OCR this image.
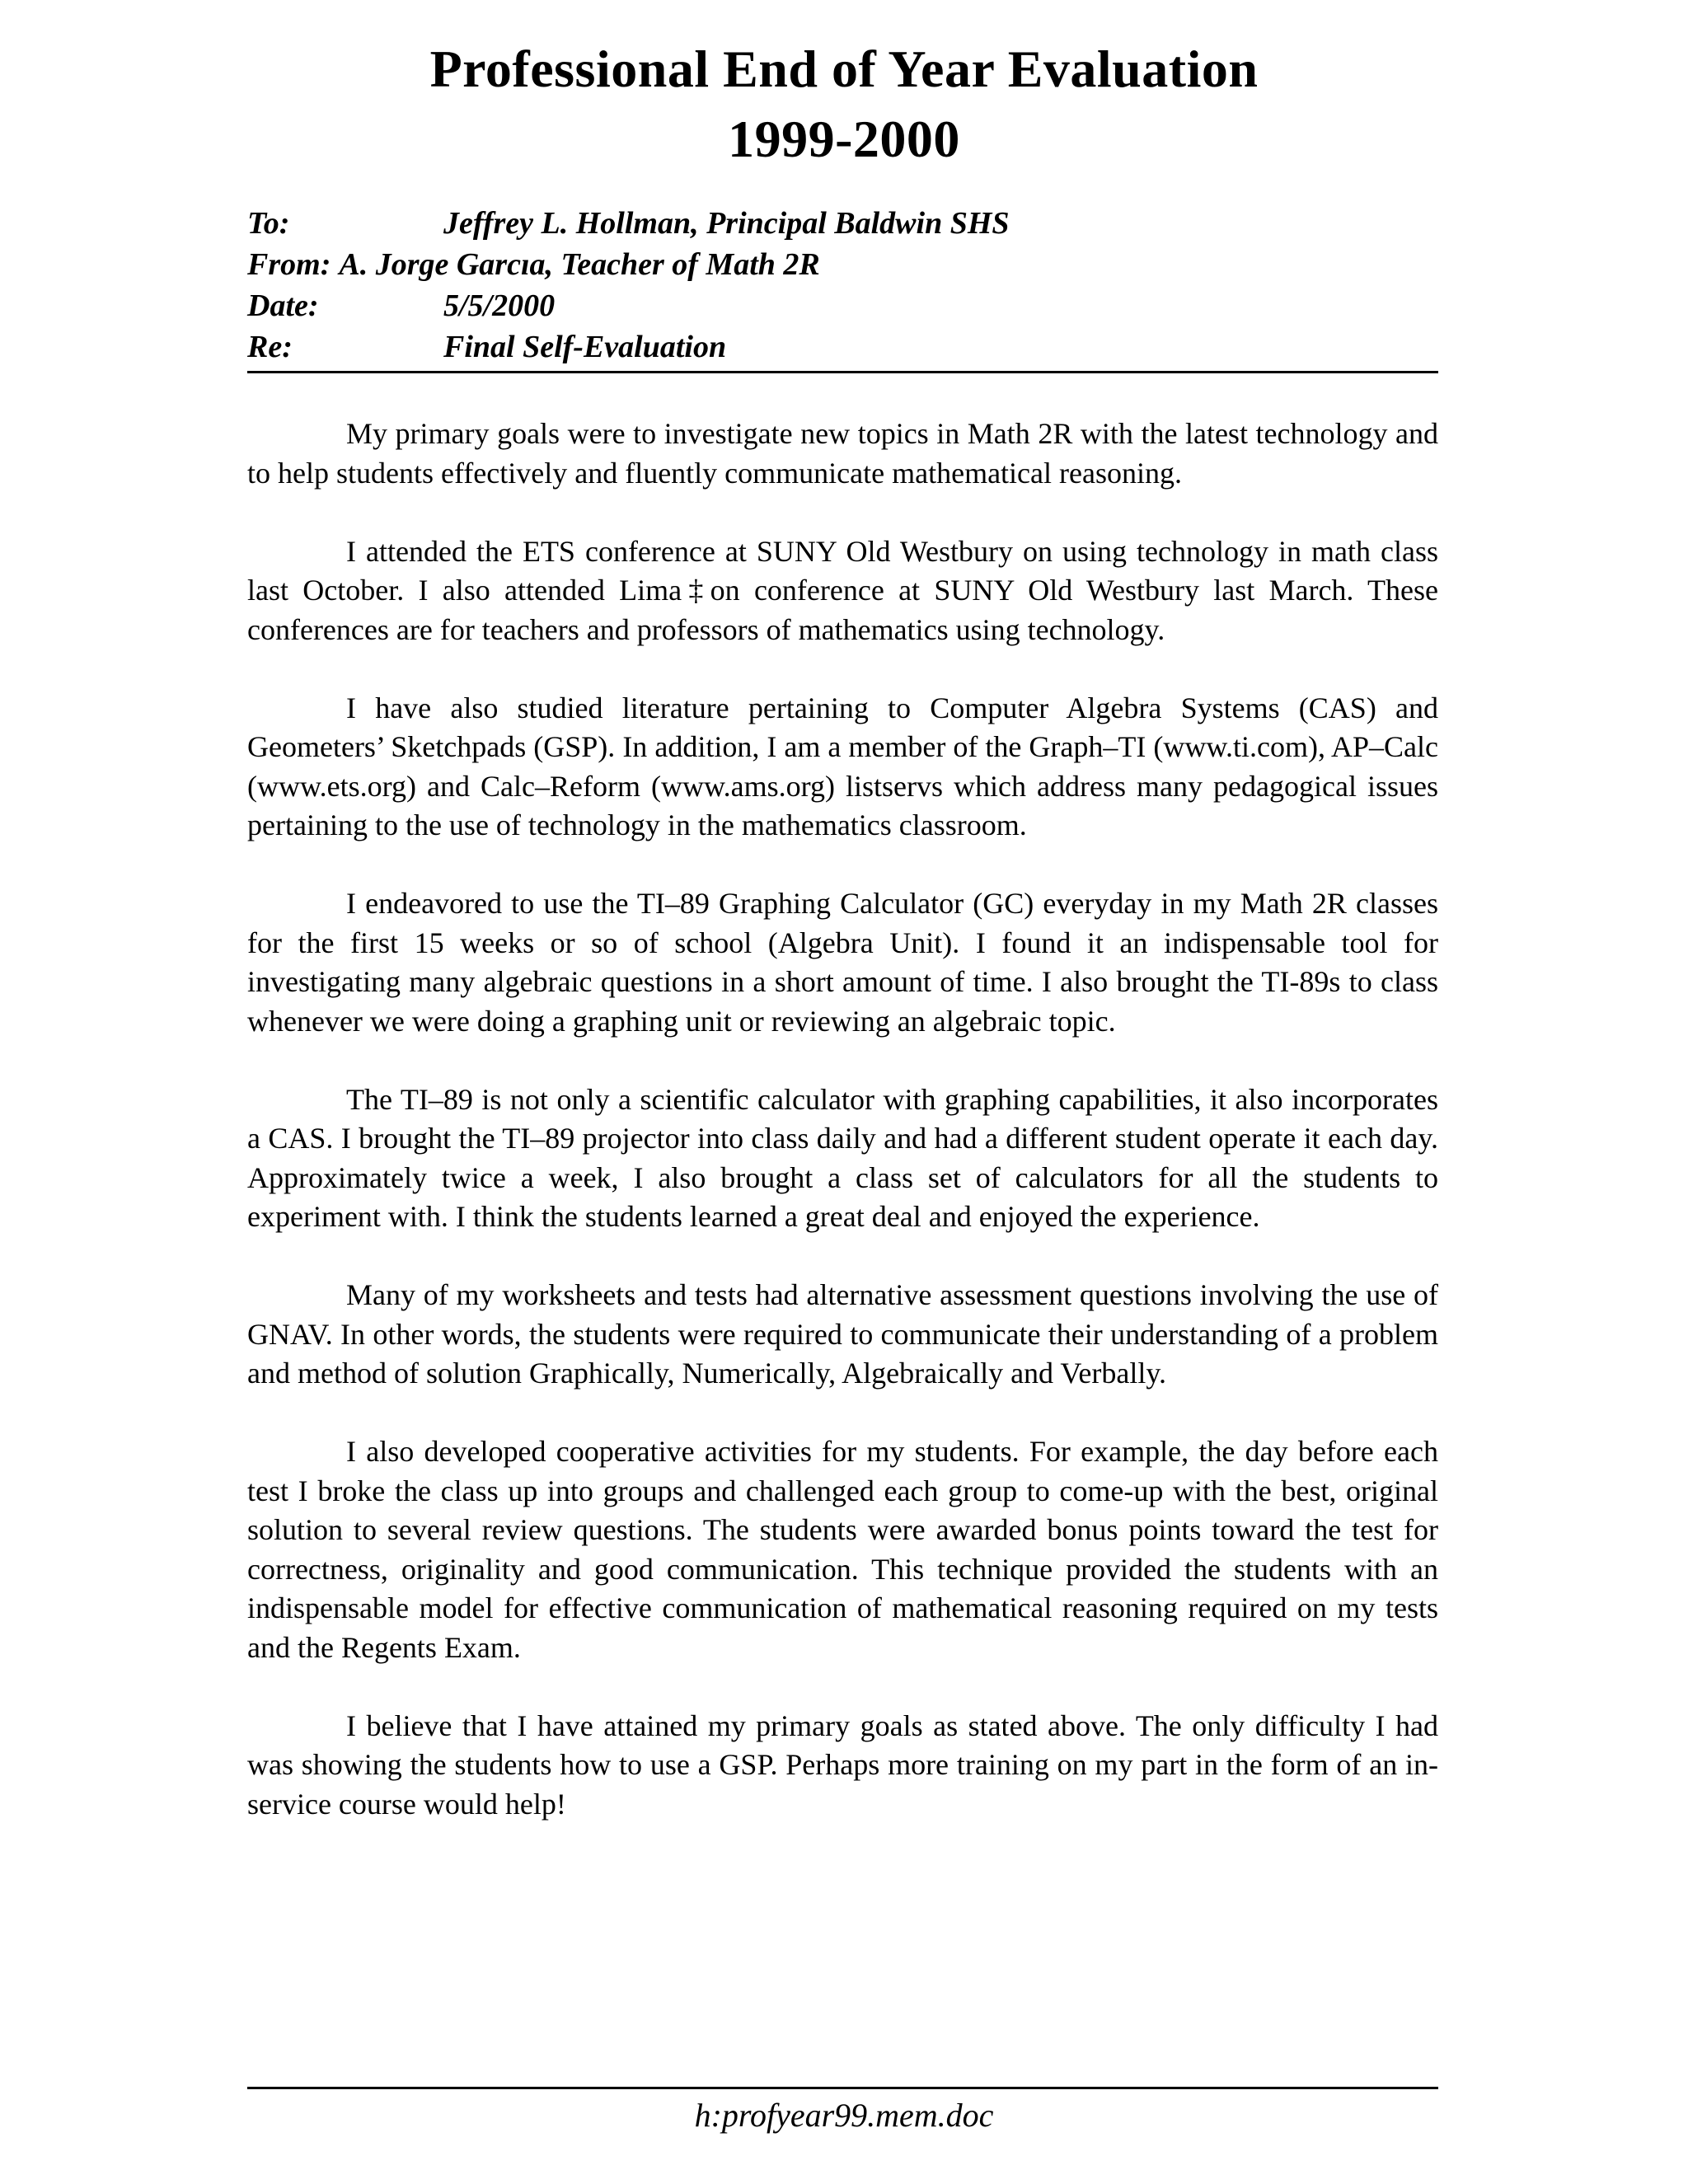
Professional End of Year Evaluation
1999-2000
To:	Jeffrey L. Hollman, Principal Baldwin SHS
From: A. Jorge Garcıa, Teacher of Math 2R
Date:	5/5/2000
Re:	Final Self-Evaluation

My primary goals were to investigate new topics in Math 2R with the latest technology and to help students effectively and fluently communicate mathematical reasoning.

I attended the ETS conference at SUNY Old Westbury on using technology in math class last October. I also attended Lima‡on conference at SUNY Old Westbury last March. These conferences are for teachers and professors of mathematics using technology.

I have also studied literature pertaining to Computer Algebra Systems (CAS) and Geometers’ Sketchpads (GSP). In addition, I am a member of the Graph–TI (www.ti.com), AP–Calc (www.ets.org) and Calc–Reform (www.ams.org) listservs which address many pedagogical issues pertaining to the use of technology in the mathematics classroom.

I endeavored to use the TI–89 Graphing Calculator (GC) everyday in my Math 2R classes for the first 15 weeks or so of school (Algebra Unit). I found it an indispensable tool for investigating many algebraic questions in a short amount of time. I also brought the TI-89s to class whenever we were doing a graphing unit or reviewing an algebraic topic.

The TI–89 is not only a scientific calculator with graphing capabilities, it also incorporates a CAS. I brought the TI–89 projector into class daily and had a different student operate it each day. Approximately twice a week, I also brought a class set of calculators for all the students to experiment with. I think the students learned a great deal and enjoyed the experience.

Many of my worksheets and tests had alternative assessment questions involving the use of GNAV. In other words, the students were required to communicate their understanding of a problem and method of solution Graphically, Numerically, Algebraically and Verbally.

I also developed cooperative activities for my students. For example, the day before each test I broke the class up into groups and challenged each group to come-up with the best, original solution to several review questions. The students were awarded bonus points toward the test for correctness, originality and good communication. This technique provided the students with an indispensable model for effective communication of mathematical reasoning required on my tests and the Regents Exam.

I believe that I have attained my primary goals as stated above. The only difficulty I had was showing the students how to use a GSP. Perhaps more training on my part in the form of an in-service course would help!

h:profyear99.mem.doc
